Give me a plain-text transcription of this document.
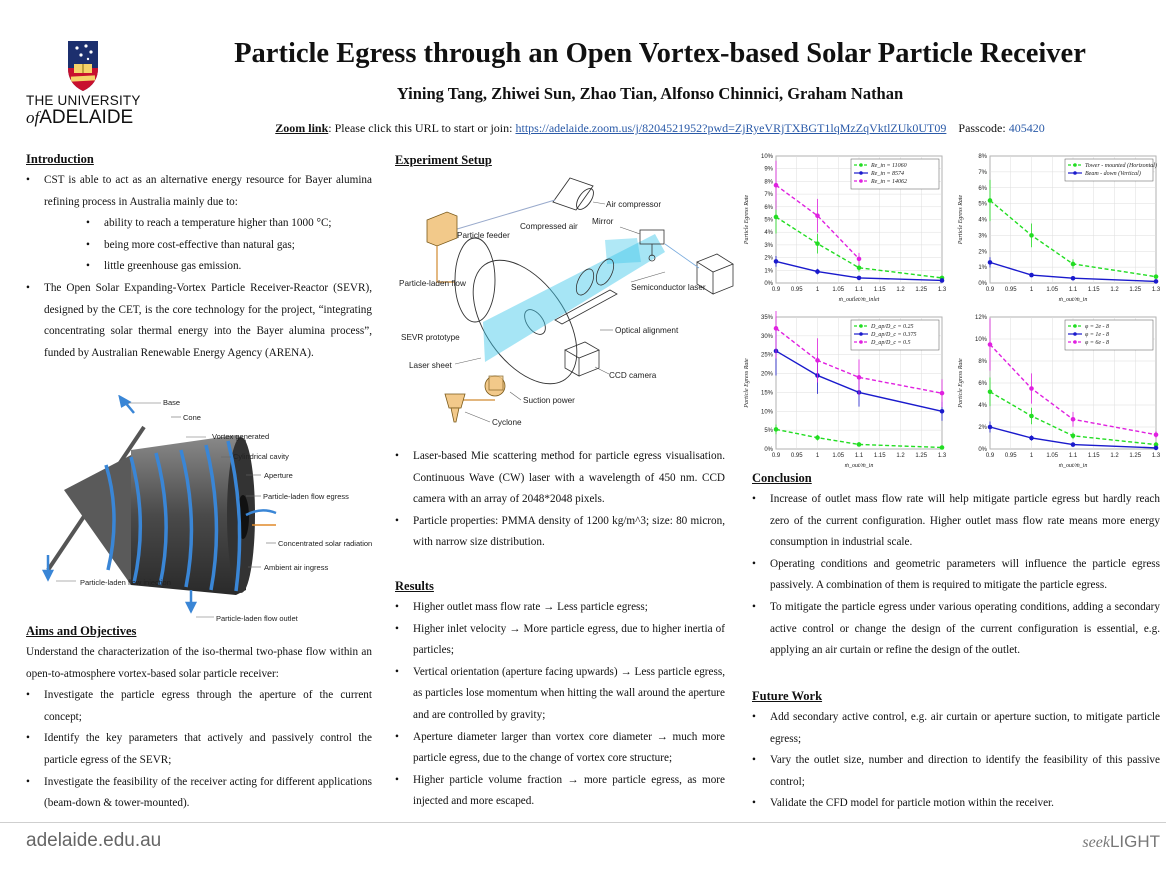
THE UNIVERSITY
ofADELAIDE
Particle Egress through an Open Vortex-based Solar Particle Receiver
Yining Tang, Zhiwei Sun, Zhao Tian, Alfonso Chinnici, Graham Nathan
Zoom link: Please click this URL to start or join: https://adelaide.zoom.us/j/8204521952?pwd=ZjRyeVRjTXBGT1lqMzZqVktlZUk0UT09 Passcode: 405420
Introduction
• CST is able to act as an alternative energy resource for Bayer alumina refining process in Australia mainly due to:
• ability to reach a temperature higher than 1000 °C;
• being more cost-effective than natural gas;
• little greenhouse gas emission.
• The Open Solar Expanding-Vortex Particle Receiver-Reactor (SEVR), designed by the CET, is the core technology for the project, “integrating concentrating solar thermal energy into the Bayer alumina process”, funded by Australian Renewable Energy Agency (ARENA).
Base
Cone
Vortex generated
Cylindrical cavity
Aperture
Particle-laden flow egress
Concentrated solar radiation
Ambient air ingress
Particle-laden flow injection
Particle-laden flow outlet
Aims and Objectives
Understand the characterization of the iso-thermal two-phase flow within an open-to-atmosphere vortex-based solar particle receiver:
• Investigate the particle egress through the aperture of the current concept;
• Identify the key parameters that actively and passively control the particle egress of the SEVR;
• Investigate the feasibility of the receiver acting for different applications (beam-down & tower-mounted).
Experiment Setup
Air compressor
Compressed air
Mirror
Particle feeder
Particle-laden flow	Semiconductor laser
Optical alignment
SEVR prototype
Laser sheet
CCD camera
Suction power
Cyclone
• Laser-based Mie scattering method for particle egress visualisation. Continuous Wave (CW) laser with a wavelength of 450 nm. CCD camera with an array of 2048*2048 pixels.
• Particle properties: PMMA density of 1200 kg/m^3; size: 80 micron, with narrow size distribution.
Results
• Higher outlet mass flow rate → Less particle egress;
• Higher inlet velocity → More particle egress, due to higher inertia of particles;
• Vertical orientation (aperture facing upwards) → Less particle egress, as particles lose momentum when hitting the wall around the aperture and are controlled by gravity;
• Aperture diameter larger than vortex core diameter → much more particle egress, due to the change of vortex core structure;
• Higher particle volume fraction → more particle egress, as more injected and more escaped.
0.9 0.95 1 1.05 1.1 1.15 1.2 1.25 1.3
0%
1%
2%
3%
4%
5%
6%
7%
8%
9%
10%
ṁ_outlet/ṁ_inlet
Particle Egress Rate
Re_in = 11060
Re_in = 8574
Re_in = 14062
0.9 0.95 1 1.05 1.1 1.15 1.2 1.25 1.3
0%
1%
2%
3%
4%
5%
6%
7%
8%
ṁ_out/ṁ_in
Particle Egress Rate
Tower - mounted (Horizontal)
Beam - down (Vertical)
0.9 0.95 1 1.05 1.1 1.15 1.2 1.25 1.3
0%
5%
10%
15%
20%
25%
30%
35%
ṁ_out/ṁ_in
Particle Egress Rate
D_ap/D_c = 0.25
D_ap/D_c = 0.375
D_ap/D_c = 0.5
0.9 0.95 1 1.05 1.1 1.15 1.2 1.25 1.3
0%
2%
4%
6%
8%
10%
12%
ṁ_out/ṁ_in
Particle Egress Rate
φ = 2e - 8
φ = 1e - 8
φ = 6e - 8
Conclusion
• Increase of outlet mass flow rate will help mitigate particle egress but hardly reach zero of the current configuration. Higher outlet mass flow rate means more energy consumption in industrial scale.
• Operating conditions and geometric parameters will influence the particle egress passively. A combination of them is required to mitigate the particle egress.
• To mitigate the particle egress under various operating conditions, adding a secondary active control or change the design of the current configuration is essential, e.g. applying an air curtain or refine the design of the outlet.
Future Work
• Add secondary active control, e.g. air curtain or aperture suction, to mitigate particle egress;
• Vary the outlet size, number and direction to identify the feasibility of this passive control;
• Validate the CFD model for particle motion within the receiver.
adelaide.edu.au	seekLIGHT
